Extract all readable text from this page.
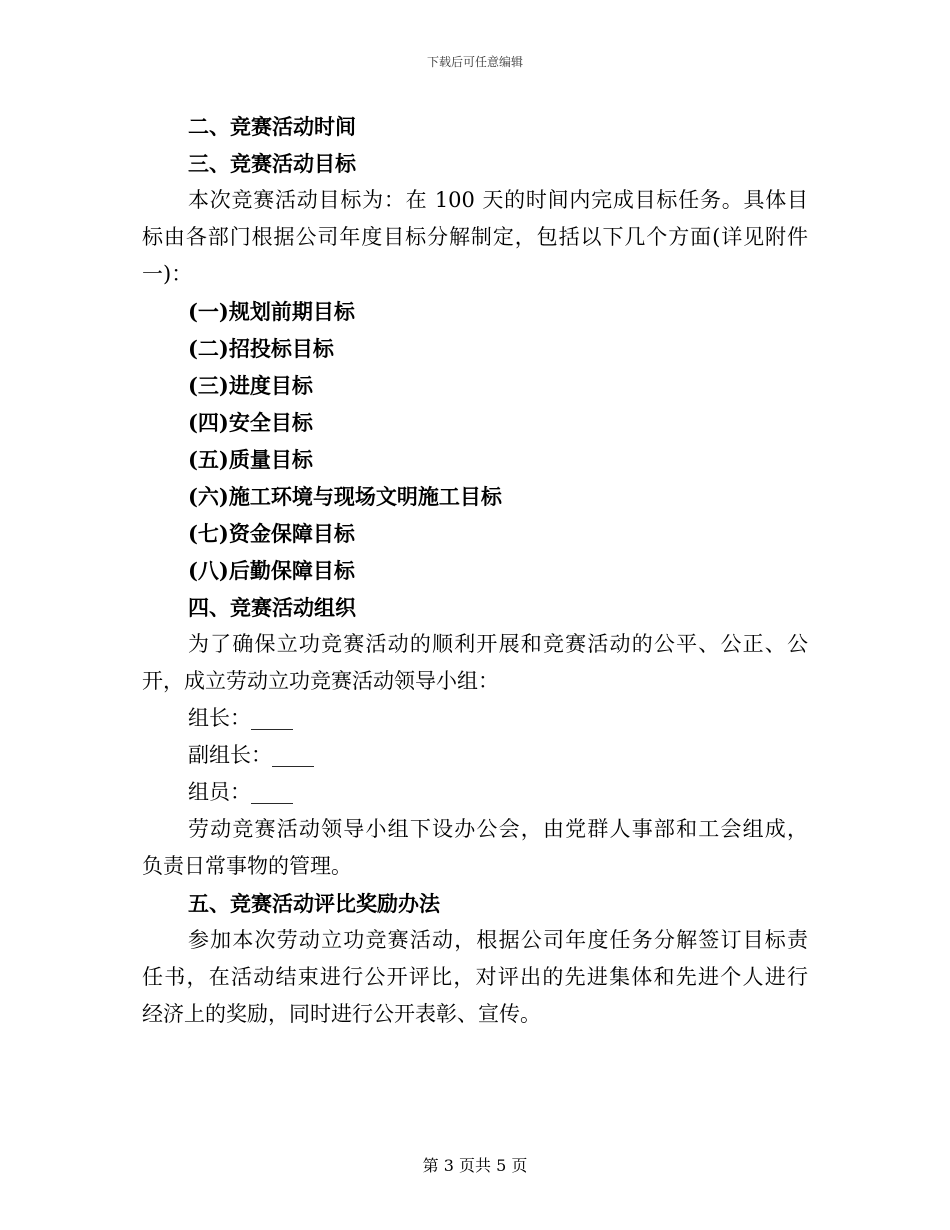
下载后可任意编辑
二、竞赛活动时间
三、竞赛活动目标
本次竞赛活动目标为：在 100 天的时间内完成目标任务。具体目
标由各部门根据公司年度目标分解制定，包括以下几个方面(详见附件
一)：
(一)规划前期目标
(二)招投标目标
(三)进度目标
(四)安全目标
(五)质量目标
(六)施工环境与现场文明施工目标
(七)资金保障目标
(八)后勤保障目标
四、竞赛活动组织
为了确保立功竞赛活动的顺利开展和竞赛活动的公平、公正、公
开，成立劳动立功竞赛活动领导小组：
组长：____
副组长：____
组员：____
劳动竞赛活动领导小组下设办公会，由党群人事部和工会组成，
负责日常事物的管理。
五、竞赛活动评比奖励办法
参加本次劳动立功竞赛活动，根据公司年度任务分解签订目标责
任书，在活动结束进行公开评比，对评出的先进集体和先进个人进行
经济上的奖励，同时进行公开表彰、宣传。
第 3 页共 5 页
